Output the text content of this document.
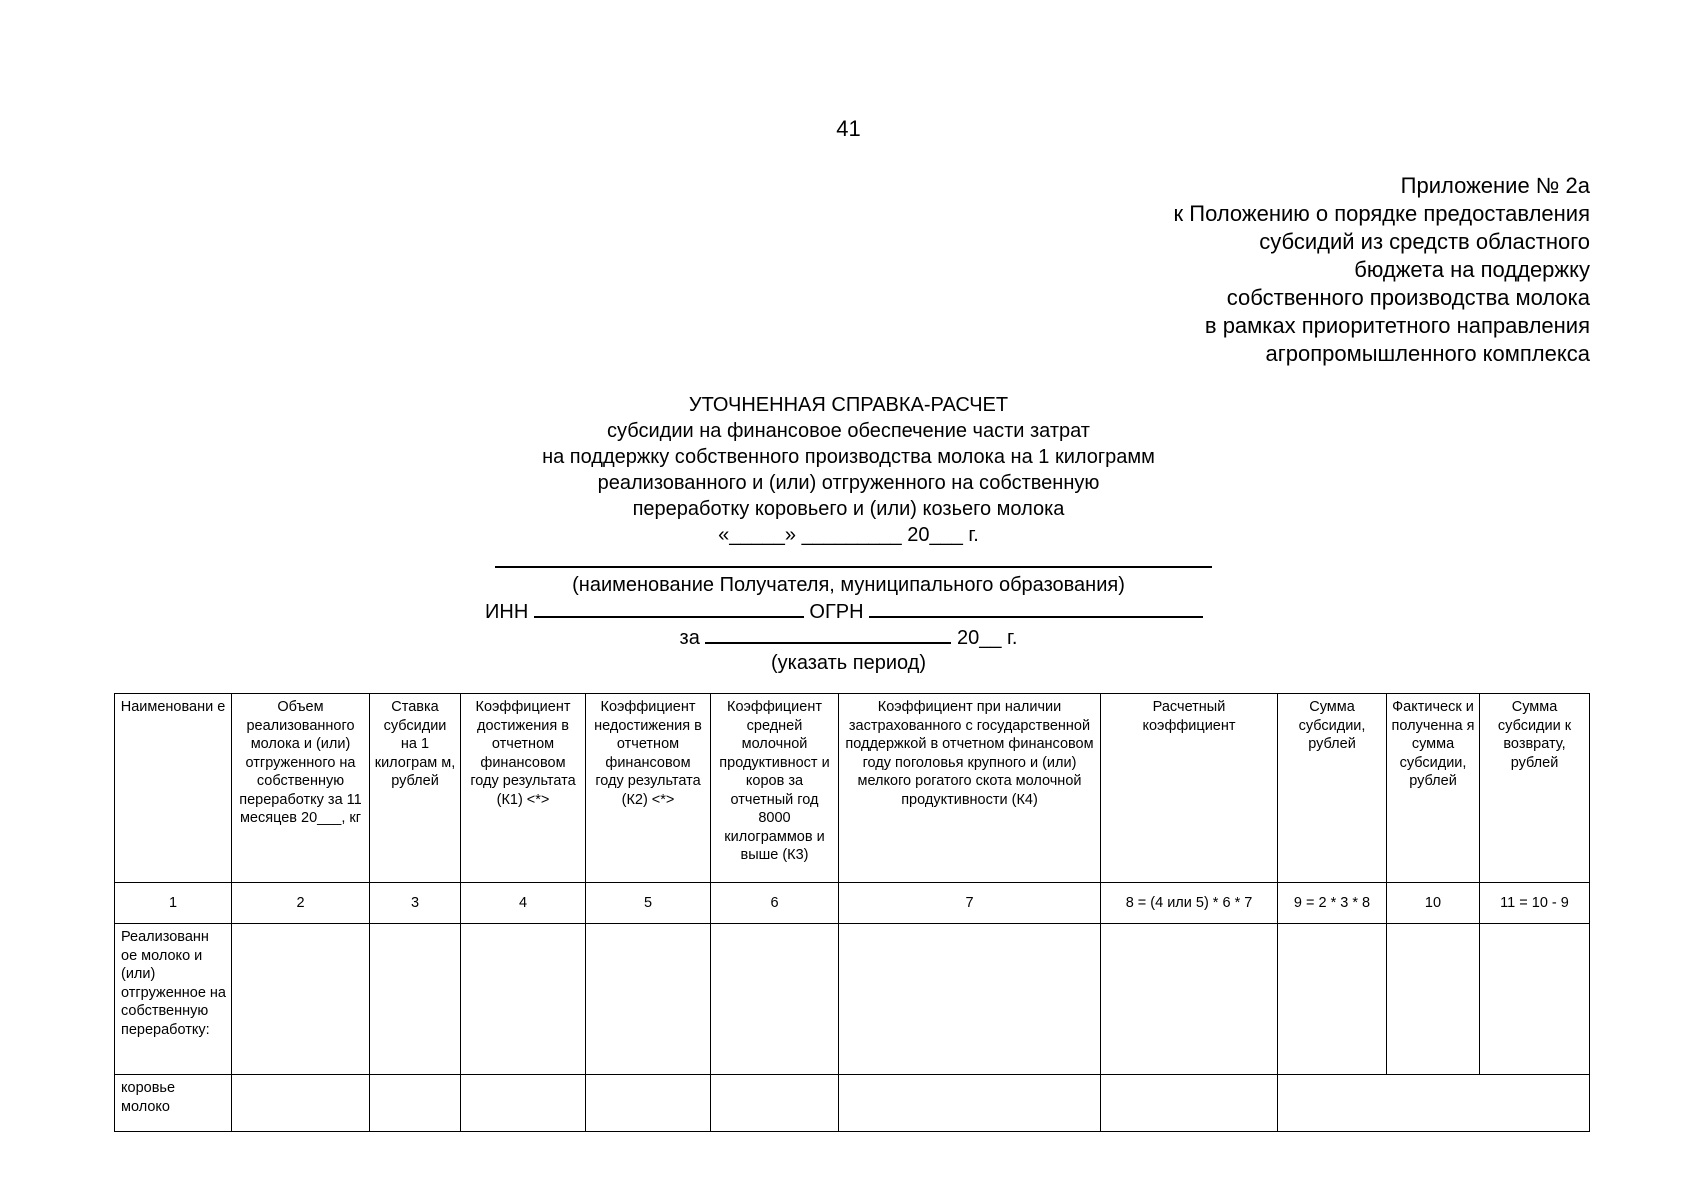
41
Приложение № 2а
к Положению о порядке предоставления
субсидий из средств областного
бюджета на поддержку
собственного производства молока
в рамках приоритетного направления
агропромышленного комплекса
УТОЧНЕННАЯ СПРАВКА-РАСЧЕТ
субсидии на финансовое обеспечение части затрат
на поддержку собственного производства молока на 1 килограмм
реализованного и (или) отгруженного на собственную
переработку коровьего и (или) козьего молока
«_____» _________ 20___ г.
(наименование Получателя, муниципального образования)
ИНН	ОГРН
за	20__ г.
(указать период)
Наименовани е	Объем реализованного молока и (или) отгруженного на собственную переработку за 11 месяцев 20___, кг	Ставка субсидии на 1 килограм м, рублей	Коэффициент достижения в отчетном финансовом году результата (К1) <*>	Коэффициент недостижения в отчетном финансовом году результата (К2) <*>	Коэффициент средней молочной продуктивност и коров за отчетный год 8000 килограммов и выше (К3)	Коэффициент при наличии застрахованного с государственной поддержкой в отчетном финансовом году поголовья крупного и (или) мелкого рогатого скота молочной продуктивности (К4)	Расчетный коэффициент	Сумма субсидии, рублей	Фактическ и полученна я сумма субсидии, рублей	Сумма субсидии к возврату, рублей
1	2	3	4	5	6	7	8 = (4 или 5) * 6 * 7	9 = 2 * 3 * 8	10	11 = 10 - 9
Реализованн ое молоко и (или) отгруженное на собственную переработку:										
коровье молоко										
